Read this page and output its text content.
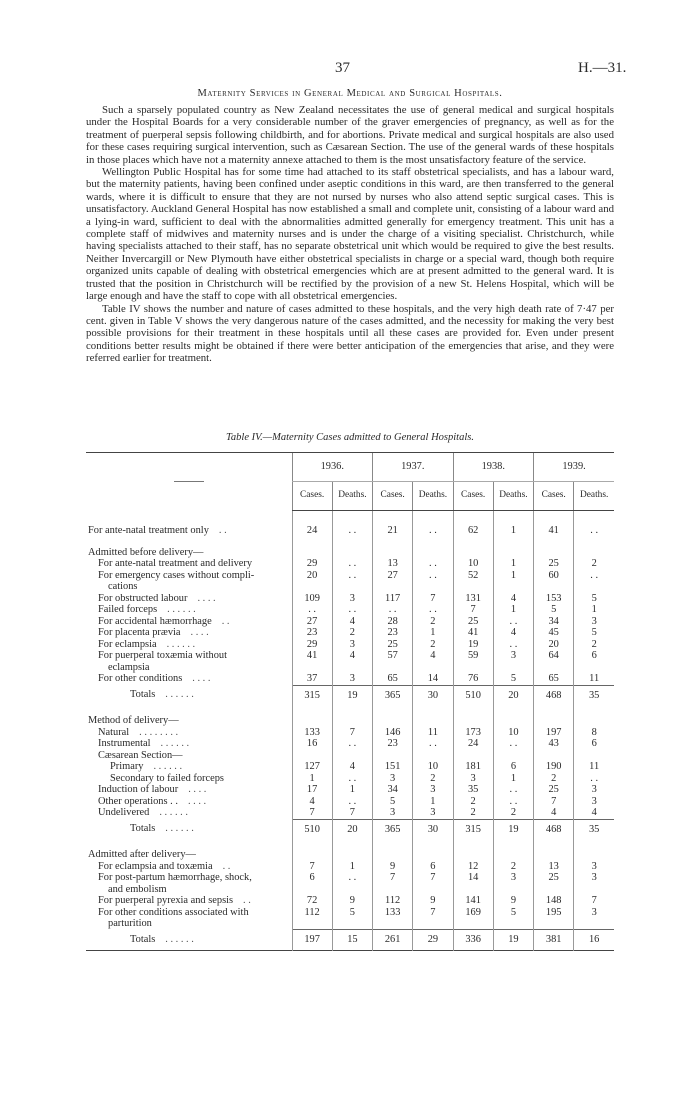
37	H.—31.
Maternity Services in General Medical and Surgical Hospitals.

Such a sparsely populated country as New Zealand necessitates the use of general medical and surgical hospitals under the Hospital Boards for a very considerable number of the graver emergencies of pregnancy, as well as for the treatment of puerperal sepsis following childbirth, and for abortions. Private medical and surgical hospitals are also used for these cases requiring surgical intervention, such as Cæsarean Section. The use of the general wards of these hospitals in those places which have not a maternity annexe attached to them is the most unsatisfactory feature of the service.

Wellington Public Hospital has for some time had attached to its staff obstetrical specialists, and has a labour ward, but the maternity patients, having been confined under aseptic conditions in this ward, are then transferred to the general wards, where it is difficult to ensure that they are not nursed by nurses who also attend septic surgical cases. This is unsatisfactory. Auckland General Hospital has now established a small and complete unit, consisting of a labour ward and a lying-in ward, sufficient to deal with the abnormalities admitted generally for emergency treatment. This unit has a complete staff of midwives and maternity nurses and is under the charge of a visiting specialist. Christchurch, while having specialists attached to their staff, has no separate obstetrical unit which would be required to give the best results. Neither Invercargill or New Plymouth have either obstetrical specialists in charge or a special ward, though both require organized units capable of dealing with obstetrical emergencies which are at present admitted to the general ward. It is trusted that the position in Christchurch will be rectified by the provision of a new St. Helens Hospital, which will be large enough and have the staff to cope with all obstetrical emergencies.

Table IV shows the number and nature of cases admitted to these hospitals, and the very high death rate of 7·47 per cent. given in Table V shows the very dangerous nature of the cases admitted, and the necessity for making the very best possible provisions for their treatment in these hospitals until all these cases are provided for. Even under present conditions better results might be obtained if there were better anticipation of the emergencies that arise, and they were referred earlier for treatment.

Table IV.—Maternity Cases admitted to General Hospitals.
	1936.		1937.		1938.		1939.	
	Cases.	Deaths.	Cases.	Deaths.	Cases.	Deaths.	Cases.	Deaths.

For ante-natal treatment only . .	24	. .	21	. .	62	1	41	. .

Admitted before delivery—								
For ante-natal treatment and delivery	29	. .	13	. .	10	1	25	2
For emergency cases without compli-	20	. .	27	. .	52	1	60	. .
cations								
For obstructed labour . . . .	109	3	117	7	131	4	153	5
Failed forceps . . . . . .	. .	. .	. .	. .	7	1	5	1
For accidental hæmorrhage . .	27	4	28	2	25	. .	34	3
For placenta prævia . . . .	23	2	23	1	41	4	45	5
For eclampsia . . . . . .	29	3	25	2	19	. .	20	2
For puerperal toxæmia without	41	4	57	4	59	3	64	6
eclampsia								
For other conditions . . . .	37	3	65	14	76	5	65	11
Totals . . . . . .	315	19	365	30	510	20	468	35

Method of delivery—								
Natural . . . . . . . .	133	7	146	11	173	10	197	8
Instrumental . . . . . .	16	. .	23	. .	24	. .	43	6
Cæsarean Section—								
Primary . . . . . .	127	4	151	10	181	6	190	11
Secondary to failed forceps	1	. .	3	2	3	1	2	. .
Induction of labour . . . .	17	1	34	3	35	. .	25	3
Other operations . . . . . .	4	. .	5	1	2	. .	7	3
Undelivered . . . . . .	7	7	3	3	2	2	4	4
Totals . . . . . .	510	20	365	30	315	19	468	35

Admitted after delivery—								
For eclampsia and toxæmia . .	7	1	9	6	12	2	13	3
For post-partum hæmorrhage, shock,	6	. .	7	7	14	3	25	3
and embolism								
For puerperal pyrexia and sepsis . .	72	9	112	9	141	9	148	7
For other conditions associated with	112	5	133	7	169	5	195	3
parturition								
Totals . . . . . .	197	15	261	29	336	19	381	16
